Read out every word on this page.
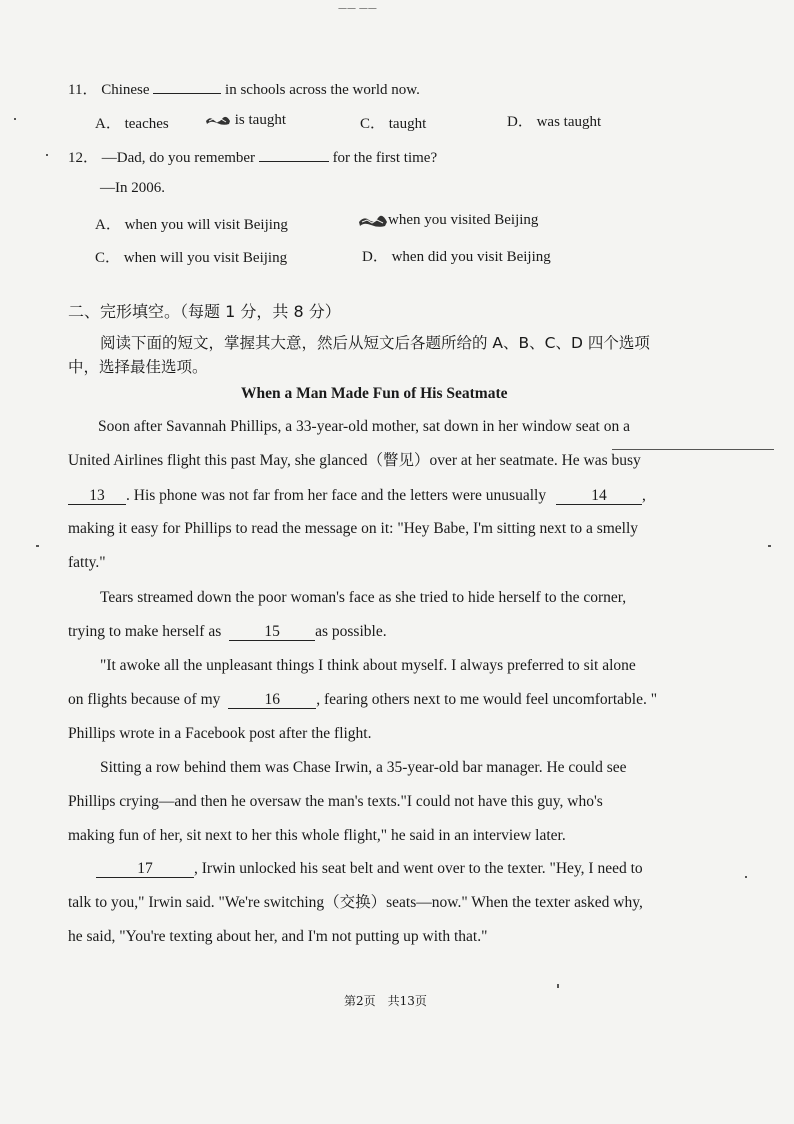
—— ——
11． Chinese	in schools across the world now.
A． teaches	is taught	C． taught	D． was taught
12． —Dad, do you remember	for the first time?
—In 2006.
A． when you will visit Beijing	when you visited Beijing
C． when will you visit Beijing	D． when did you visit Beijing
二、完形填空。（每题 1 分，共 8 分）
阅读下面的短文，掌握其大意，然后从短文后各题所给的 A、B、C、D 四个选项
中，选择最佳选项。
When a Man Made Fun of His Seatmate
Soon after Savannah Phillips, a 33-year-old mother, sat down in her window seat on a
United Airlines flight this past May, she glanced（瞥见）over at her seatmate. He was busy
13 . His phone was not far from her face and the letters were unusually	14 ,
making it easy for Phillips to read the message on it: "Hey Babe, I'm sitting next to a smelly
fatty."
Tears streamed down the poor woman's face as she tried to hide herself to the corner,
trying to make herself as	15 as possible.
"It awoke all the unpleasant things I think about myself. I always preferred to sit alone
on flights because of my	16 , fearing others next to me would feel uncomfortable. "
Phillips wrote in a Facebook post after the flight.
Sitting a row behind them was Chase Irwin, a 35-year-old bar manager. He could see
Phillips crying—and then he oversaw the man's texts."I could not have this guy, who's
making fun of her, sit next to her this whole flight," he said in an interview later.
17	, Irwin unlocked his seat belt and went over to the texter. "Hey, I need to
talk to you," Irwin said. "We're switching（交换）seats—now." When the texter asked why,
he said, "You're texting about her, and I'm not putting up with that."
第2页　共13页
